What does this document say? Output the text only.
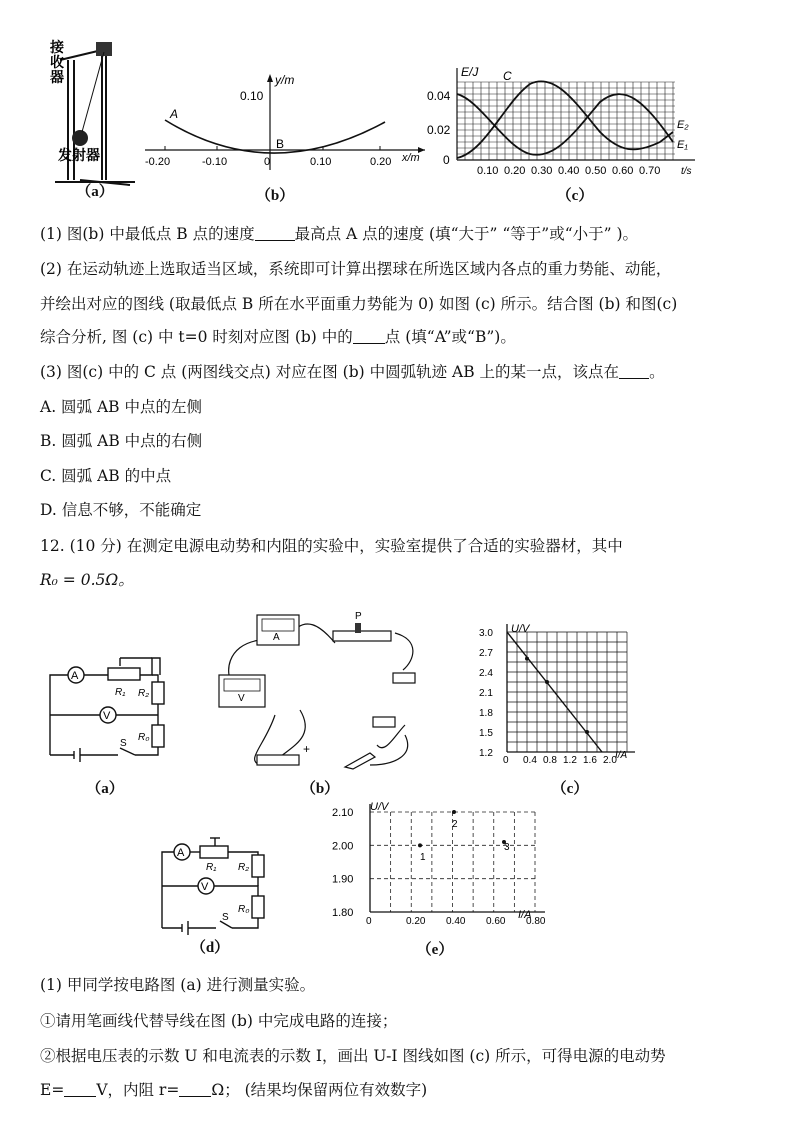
接
收
器
发射器
（a）
y/m
0.10
A
B
-0.20	-0.10	0	0.10	0.20 x/m
（b）
E/J C
E₂
E₁
0.04
0.02
0
0.10 0.20 0.30 0.40 0.50 0.60 0.70 t/s
（c）
(1) 图(b) 中最低点 B 点的速度	最高点 A 点的速度 (填“大于” “等于”或“小于” )。
(2) 在运动轨迹上选取适当区域，系统即可计算出摆球在所选区域内各点的重力势能、动能，
并绘出对应的图线 (取最低点 B 所在水平面重力势能为 0) 如图 (c) 所示。结合图 (b) 和图(c)
综合分析, 图 (c) 中 t=0 时刻对应图 (b) 中的 点 (填“A”或“B”)。
(3) 图(c) 中的 C 点 (两图线交点) 对应在图 (b) 中圆弧轨迹 AB 上的某一点，该点在 。
A. 圆弧 AB 中点的左侧
B. 圆弧 AB 中点的右侧
C. 圆弧 AB 的中点
D. 信息不够，不能确定
12. (10 分) 在测定电源电动势和内阻的实验中，实验室提供了合适的实验器材，其中
R₀ = 0.5Ω。
A
V
R₁ R₂
R₀
S
（a）
A
V
P
+
（b）
3.0
2.7
2.4
2.1
1.8
1.5
1.2
0 0.4 0.8 1.2 1.6 2.0
U/V
I/A
（c）
A
V
R₁ R₂
R₀
S
（d）
2.10
2.00
1.90
1.80
0	0.20 0.40 0.60 0.80
U/V
I/A
1
2
3
（e）
(1) 甲同学按电路图 (a) 进行测量实验。
①请用笔画线代替导线在图 (b) 中完成电路的连接；
②根据电压表的示数 U 和电流表的示数 I，画出 U-I 图线如图 (c) 所示，可得电源的电动势
E= V，内阻 r= Ω； (结果均保留两位有效数字)
